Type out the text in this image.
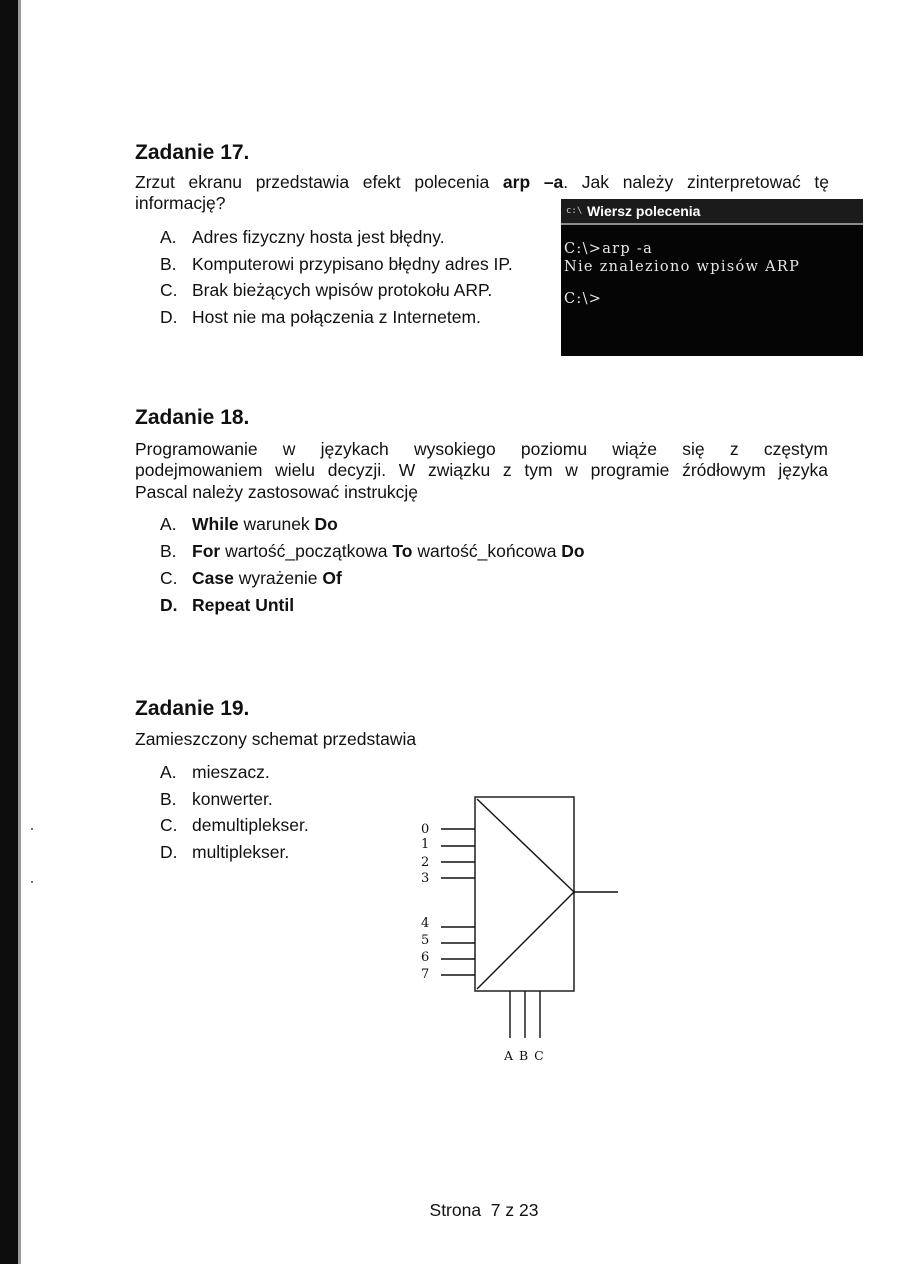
Zadanie 17.

Zrzut ekranu przedstawia efekt polecenia arp –a. Jak należy zinterpretować tę

informację?

A. Adres fizyczny hosta jest błędny.
B. Komputerowi przypisano błędny adres IP.
C. Brak bieżących wpisów protokołu ARP.
D. Host nie ma połączenia z Internetem.
c:\ Wiersz polecenia
C:\>arp -a
Nie znaleziono wpisów ARP
C:\>
Zadanie 18.

Programowanie w językach wysokiego poziomu wiąże się z częstym

podejmowaniem wielu decyzji. W związku z tym w programie źródłowym języka

Pascal należy zastosować instrukcję

A. While warunek Do
B. For wartość_początkowa To wartość_końcowa Do
C. Case wyrażenie Of
D. Repeat Until
Zadanie 19.

Zamieszczony schemat przedstawia

A. mieszacz.
B. konwerter.
C. demultiplekser.
D. multiplekser.
0
1
2
3
4
5
6
7
A B C
Strona  7 z 23
